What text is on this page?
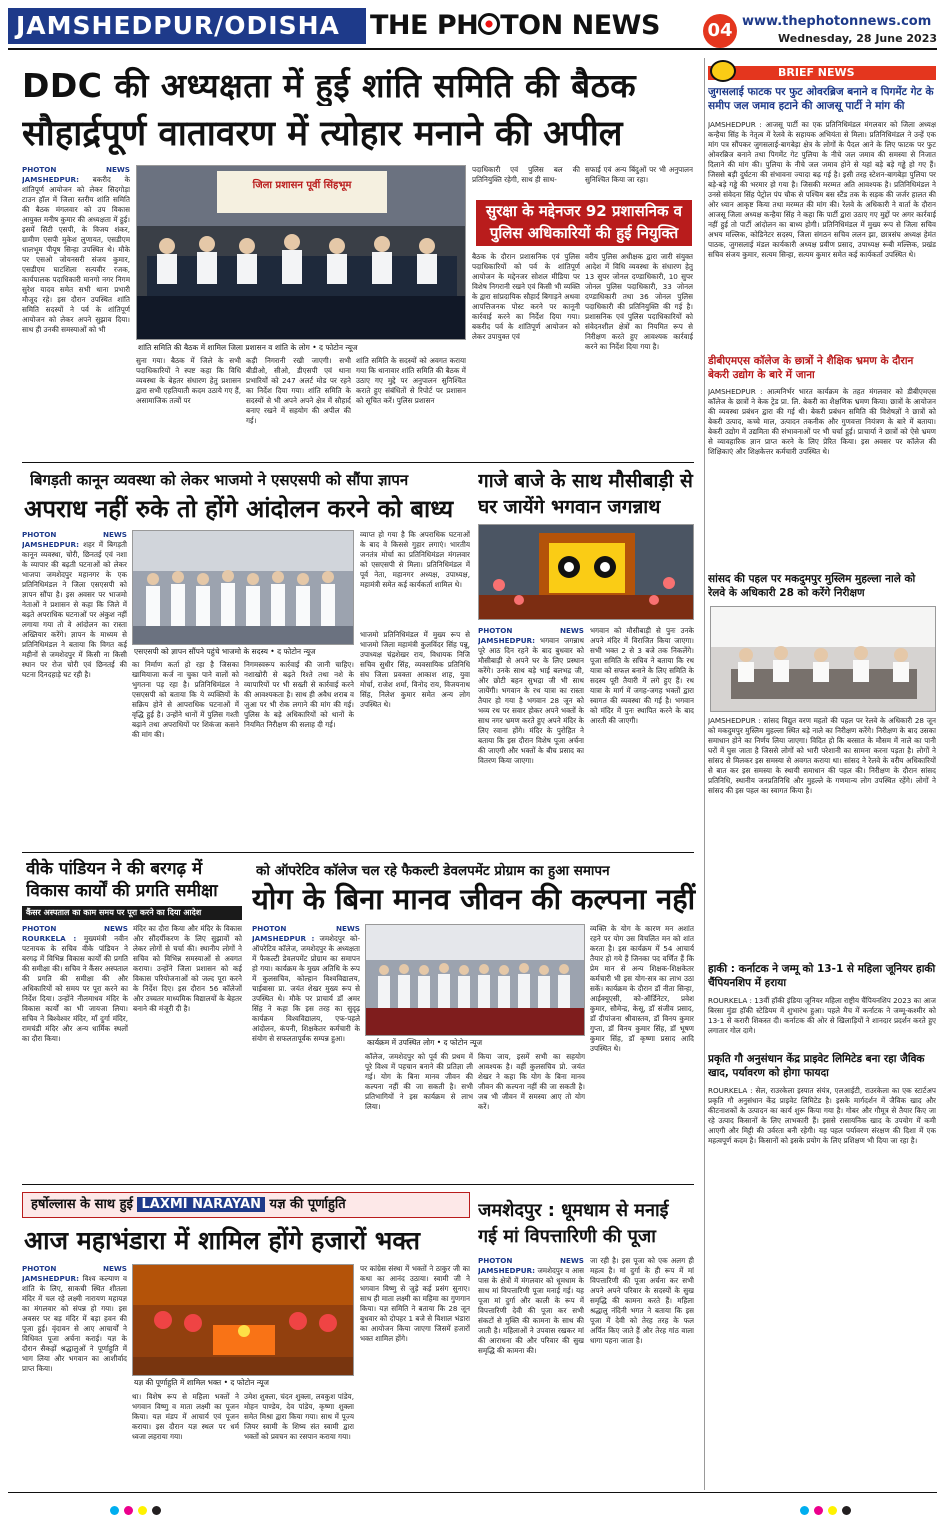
JAMSHEDPUR/ODISHA	THE PH TON NEWS	04 www.thephotonnews.com
Wednesday, 28 June 2023
DDC की अध्यक्षता में हुई शांति समिति की बैठक
सौहार्द्रपूर्ण वातावरण में त्योहार मनाने की अपील
PHOTON NEWS JAMSHEDPUR: बकरीद के शांतिपूर्ण आयोजन को लेकर सिदगोड़ा टाउन हॉल में जिला स्तरीय शांति समिति की बैठक मंगलवार को उप विकास आयुक्त मनीष कुमार की अध्यक्षता में हुई। इसमें सिटी एसपी, के विजय शंकर, ग्रामीण एसपी मुकेश लुणायत, एसडीएम धालभूम पीयूष सिन्हा उपस्थित थे। मौके पर एसओ जोयनसरी संजय कुमार, एसडीएम घाटशिला सत्यवीर रजक, कार्यपालक पदाधिकारी मानगो नगर निगम सुरेश यादव समेत सभी थाना प्रभारी मौजूद रहे। इस दौरान उपस्थित शांति समिति सदस्यों ने पर्व के शांतिपूर्ण आयोजन को लेकर अपने सुझाव दिया। साथ ही उनकी समस्याओं को भी
जिला प्रशासन पूर्वी सिंहभूम
शांति समिति की बैठक में शामिल जिला प्रशासन व शांति के लोग • द फोटोन न्यूज
सुना गया। बैठक में जिले के सभी पदाधिकारियों ने स्पष्ट कहा कि विधि व्यवस्था के बेहतर संधारण हेतु प्रशासन द्वारा सभी एहतियाती कदम उठाये गए हैं, असामाजिक तत्वों पर
कड़ी निगरानी रखी जाएगी। सभी बीडीओ, सीओ, डीएसपी एवं थाना प्रभारियों को 247 अलर्ट मोड पर रहने का निर्देश दिया गया। शांति समिति के सदस्यों से भी अपने अपने क्षेत्र में सौहार्द बनाए रखने में सहयोग की अपील की गई।
शांति समिति के सदस्यों को अवगत कराया गया कि थानावार शांति समिति की बैठक में उठाए गए मुद्दे पर अनुपालन सुनिश्चित कराते हुए संबंधितों से रिपोर्ट पर प्रशासन को सूचित करें। पुलिस प्रशासन
पदाधिकारी एवं पुलिस बल की प्रतिनियुक्ति रहेगी, साथ ही साथ-
सफाई एवं अन्य बिंदुओं पर भी अनुपालन सुनिश्चित किया जा रहा।
सुरक्षा के मद्देनजर 92 प्रशासनिक व पुलिस अधिकारियों की हुई नियुक्ति
बैठक के दौरान प्रशासनिक एवं पुलिस पदाधिकारियों को पर्व के शांतिपूर्ण आयोजन के मद्देनजर सोशल मीडिया पर विशेष निगरानी रखने एवं किसी भी व्यक्ति के द्वारा सांप्रदायिक सौहार्द बिगाड़ने अथवा आपत्तिजनक पोस्ट करने पर कानूनी कार्रवाई करने का निर्देश दिया गया। बकरीद पर्व के शांतिपूर्ण आयोजन को लेकर उपायुक्त एवं
वरीय पुलिस अधीक्षक द्वारा जारी संयुक्त आदेश में विधि व्यवस्था के संधारण हेतु 13 सुपर जोनल दण्डाधिकारी, 10 सुपर जोनल पुलिस पदाधिकारी, 33 जोनल दण्डाधिकारी तथा 36 जोनल पुलिस पदाधिकारी की प्रतिनियुक्ति की गई है। प्रशासनिक एवं पुलिस पदाधिकारियों को संवेदनशील क्षेत्रों का नियमित रूप से निरीक्षण करते हुए आवश्यक कार्रवाई करने का निर्देश दिया गया है।
बिगड़ती कानून व्यवस्था को लेकर भाजमो ने एसएसपी को सौंपा ज्ञापन
अपराध नहीं रुके तो होंगे आंदोलन करने को बाध्य
PHOTON NEWS JAMSHEDPUR: शहर में बिगड़ती कानून व्यवस्था, चोरी, छिनतई एवं नशा के व्यापार की बढ़ती घटनाओं को लेकर भाजपा जमशेदपुर महानगर के एक प्रतिनिधिमंडल ने जिला एसएसपी को ज्ञापन सौंपा है। इस अवसर पर भाजमो नेताओं ने प्रशासन से कहा कि जिले में बढ़ते अपराधिक घटनाओं पर अंकुश नहीं लगाया गया तो वे आंदोलन का रास्ता अख्तियार करेंगे। ज्ञापन के माध्यम से प्रतिनिधिमंडल ने बताया कि विगत कई महीनों से जमशेदपुर में किसी ना किसी स्थान पर रोज चोरी एवं छिनतई की घटना दिनदहाड़े घट रही है।
एसएसपी को ज्ञापन सौंपने पहुंचे भाजमो के सदस्य • द फोटोन न्यूज
का निर्माण कर्ता हो रहा है जिसका खामियाजा कर्ज ना चुका पाने वालों को भुगतना पड़ रहा है। प्रतिनिधिमंडल ने एसएसपी को बताया कि ये व्यक्तियों के सक्रिय होने से आपराधिक घटनाओं में वृद्धि हुई है। उन्होंने थानों में पुलिस गश्ती बढ़ाने तथा अपराधियों पर शिकंजा कसने की मांग की।
निगमस्वरूप कार्रवाई की जानी चाहिए। नशाखोरी से बढ़ते रिश्ते तथा नशे के व्यापारियों पर भी सख्ती से कार्रवाई करने की आवश्यकता है। साथ ही अवैध शराब व जुआ पर भी रोक लगाने की मांग की गई। पुलिस के बड़े अधिकारियों को थानों के नियमित निरीक्षण की सलाह दी गई।
व्याप्त हो गया है कि अपराधिक घटनाओं के बाद वे किससे गुहार लगाएं। भारतीय जनतंत्र मोर्चा का प्रतिनिधिमंडल मंगलवार को एसएसपी से मिला। प्रतिनिधिमंडल में पूर्व नेता, महानगर अध्यक्ष, उपाध्यक्ष, महामंत्री समेत कई कार्यकर्ता शामिल थे।
भाजमो प्रतिनिधिमंडल में मुख्य रूप से भाजमो जिला महामंत्री कुलविंदर सिंह पन्नू, उपाध्यक्ष चंद्रशेखर राय, विधायक निजि सचिव सुधीर सिंह, व्यवसायिक प्रतिनिधि संघ जिला प्रवक्ता आकाश शाह, युवा मोर्चा, राजेश शर्मा, विनोद राय, विजयनाथ सिंह, निलेश कुमार समेत अन्य लोग उपस्थित थे।
गाजे बाजे के साथ मौसीबाड़ी से
घर जायेंगे भगवान जगन्नाथ
PHOTON NEWS JAMSHEDPUR: भगवान जगन्नाथ पूरे आठ दिन रहने के बाद बुधवार को मौसीबाड़ी से अपने घर के लिए प्रस्थान करेंगे। उनके साथ बड़े भाई बलभद्र जी, और छोटी बहन सुभद्रा जी भी साथ जायेंगी। भगवान के रथ यात्रा का रास्ता तैयार हो गया है भगवान 28 जून को भव्य रथ पर सवार होकर अपने भक्तों के साथ नगर भ्रमण करते हुए अपने मंदिर के लिए रवाना होंगे। मंदिर के पुरोहित ने बताया कि इस दौरान विशेष पूजा अर्चना की जाएगी और भक्तों के बीच प्रसाद का वितरण किया जाएगा।
भगवान को मौसीबाड़ी से पुनः उनके अपने मंदिर में विराजित किया जाएगा। सभी भक्त 2 से 3 बजे तक निकलेंगे। पूजा समिति के सचिव ने बताया कि रथ यात्रा को सफल बनाने के लिए समिति के सदस्य पूरी तैयारी में लगे हुए हैं। रथ यात्रा के मार्ग में जगह-जगह भक्तों द्वारा स्वागत की व्यवस्था की गई है। भगवान को मंदिर में पुनः स्थापित करने के बाद आरती की जाएगी।
वीके पांडियन ने की बरगढ़ में
विकास कार्यों की प्रगति समीक्षा
कैंसर अस्पताल का काम समय पर पूरा करने का दिया आदेश
PHOTON NEWS ROURKELA : मुख्यमंत्री नवीन पटनायक के सचिव वीके पांडियन ने बरगढ़ में विभिन्न विकास कार्यों की प्रगति की समीक्षा की। सचिव ने कैंसर अस्पताल की प्रगति की समीक्षा की और अधिकारियों को समय पर पूरा करने का निर्देश दिया। उन्होंने नीलमाधव मंदिर के विकास कार्यों का भी जायजा लिया। सचिव ने बिश्वेश्वर मंदिर, माँ दुर्गा मंदिर, रामचंडी मंदिर और अन्य धार्मिक स्थलों का दौरा किया।
मंदिर का दौरा किया और मंदिर के विकास और सौंदर्यीकरण के लिए सुझावों को लेकर लोगों से चर्चा की। स्थानीय लोगों ने सचिव को विभिन्न समस्याओं से अवगत कराया। उन्होंने जिला प्रशासन को कई विकास परियोजनाओं को जल्द पूरा करने के निर्देश दिए। इस दौरान 56 कॉलेजों और उच्चतर माध्यमिक विद्यालयों के बेहतर बनाने की मंजूरी दी है।
को ऑपरेटिव कॉलेज चल रहे फैकल्टी डेवलपमेंट प्रोग्राम का हुआ समापन
योग के बिना मानव जीवन की कल्पना नहीं
PHOTON NEWS JAMSHEDPUR : जमशेदपुर को-ऑपरेटिव कॉलेज, जमशेदपुर के अध्यक्षता में फैकल्टी डेवलपमेंट प्रोग्राम का समापन हो गया। कार्यक्रम के मुख्य अतिथि के रूप में कुलसचिव, कोल्हान विश्वविद्यालय, चाईबासा प्रा. जयंत शेखर मुख्य रूप से उपस्थित थे। मौके पर प्राचार्य डॉ अमर सिंह ने कहा कि इस तरह का सुदृढ़ कार्यक्रम विश्वविद्यालय, एफ-पहले आंदोलन, कंपनी, शिक्षकेतर कर्मचारी के संयोग से सफलतापूर्वक सम्पन्न हुआ।	कार्यक्रम में उपस्थित लोग • द फोटोन न्यूज
कॉलेज, जमशेदपुर को पूर्व की प्रथम में पूरे विश्व में पहचान बनाने की प्रतिज्ञा ली गई। योग के बिना मानव जीवन की कल्पना नहीं की जा सकती है। सभी प्रतिभागियों ने इस कार्यक्रम से लाभ लिया।
किया जाय, इसमें सभी का सहयोग आवश्यक है। वहीं कुलसचिव प्रो. जयंत शेखर ने कहा कि योग के बिना मानव जीवन की कल्पना नहीं की जा सकती है। जब भी जीवन में समस्या आए तो योग करें।
व्यक्ति के योग के कारण मन अशांत रहने पर योग उस विचलित मन को शांत करता है। इस कार्यक्रम में 54 आचार्य तैयार हो गये हैं जिनका पद वर्णित हैं कि प्रेम मान से अन्य शिक्षक-शिक्षकेतर कर्मचारी भी इस योग-सत्र का लाभ उठा सकें। कार्यक्रम के दौरान डॉ नीता सिन्हा, आईक्यूएसी, को-ऑर्डिनेटर, प्रवेश कुमार, सौमेन्द्र, केसू, डॉ संजीव प्रसाद, डॉ दीपांजना श्रीवास्तव, डॉ विनय कुमार गुप्ता, डॉ विनय कुमार सिंह, डॉ भूषण कुमार सिंह, डॉ कृष्णा प्रसाद आदि उपस्थित थे।
हर्षोल्लास के साथ हुई LAXMI NARAYAN यज्ञ की पूर्णाहुति
आज महाभंडारा में शामिल होंगे हजारों भक्त
PHOTON NEWS JAMSHEDPUR: विश्व कल्याण व शांति के लिए, साकची स्थित शीतला मंदिर में चल रहे लक्ष्मी नारायण महायज्ञ का मंगलवार को संपन्न हो गया। इस अवसर पर बड़ मंदिर में बड़ा हवन की पूजा हुई। वृंदावन से आए आचार्यों ने विधिवत पूजा अर्चना कराई। यज्ञ के दौरान सैकड़ों श्रद्धालुओं ने पूर्णाहुति में भाग लिया और भगवान का आशीर्वाद प्राप्त किया।
यज्ञ की पूर्णाहुति में शामिल भक्त • द फोटोन न्यूज
था। विशेष रूप से महिला भक्तों ने भगवान विष्णु व माता लक्ष्मी का पूजन किया। यज्ञ मंडप में आचार्य एवं पूजन कराया। इस दौरान यज्ञ स्थल पर धर्म ध्वजा लहराया गया।
उमेश शुक्ला, चंदन शुक्ला, लवकुश पांडेय, मोहन पाण्डेय, देव पांडेय, कृष्णा शुक्ला समेत मिश्रा द्वारा किया गया। साथ में पूज्य जियर स्वामी के शिष्य संत स्वामी द्वारा भक्तों को प्रवचन का रसपान कराया गया।
पर कांग्रेस संस्था में भक्तों ने ठाकुर जी का कथा का आनंद उठाया। स्वामी जी ने भगवान विष्णु से जुड़े कई प्रसंग सुनाए। साथ ही माता लक्ष्मी का महिमा का गुणगान किया। यज्ञ समिति ने बताया कि 28 जून बुधवार को दोपहर 1 बजे से विशाल भंडारा का आयोजन किया जाएगा जिसमें हजारों भक्त शामिल होंगे।
जमशेदपुर : धूमधाम से मनाई
गई मां विपत्तारिणी की पूजा
PHOTON NEWS JAMSHEDPUR: जमशेदपुर व आस पास के क्षेत्रों में मंगलवार को धूमधाम के साथ मां विपत्तारिणी पूजा मनाई गई। यह पूजा मां दुर्गा और काली के रूप में विपत्तारिणी देवी की पूजा कर सभी संकटों से मुक्ति की कामना के साथ की जाती है। महिलाओं ने उपवास रखकर मां की आराधना की और परिवार की सुख समृद्धि की कामना की।
जा रही है। इस पूजा को एक अलग ही महत्व है। मां दुर्गा के ही रूप में मां विपत्तारिणी की पूजा अर्चना कर सभी अपने अपने परिवार के सदस्यों के सुख समृद्धि की कामना करते हैं। महिला श्रद्धालु नंदिनी भगत ने बताया कि इस पूजा में देवी को तेरह तरह के फल अर्पित किए जाते हैं और तेरह गांठ वाला धागा पहना जाता है।
BRIEF NEWS
जुगसलाई फाटक पर फुट ओवरब्रिज बनाने व पिगमेंट गेट के समीप जल जमाव हटाने की आजसू पार्टी ने मांग की
JAMSHEDPUR : आजसू पार्टी का एक प्रतिनिधिमंडल मंगलवार को जिला अध्यक्ष कन्हैया सिंह के नेतृत्व में रेलवे के सहायक अभियंता से मिला। प्रतिनिधिमंडल ने उन्हें एक मांग पत्र सौंपकर जुगसलाई-बागबेड़ा क्षेत्र के लोगों के पैदल आने के लिए फाटक पर फुट ओवरब्रिज बनाने तथा पिगमेंट गेट पुलिया के नीचे जल जमाव की समस्या से निजात दिलाने की मांग की। पुलिया के नीचे जल जमाव होने से यहां बड़े बड़े गड्ढे हो गए हैं। जिससे बड़ी दुर्घटना की संभावना ज्यादा बढ़ गई है। इसी तरह स्टेशन-बागबेड़ा पुलिया पर बड़े-बड़े गड्ढे की भरमार हो गया है। जिसकी मरम्मत अति आवश्यक है। प्रतिनिधिमंडल ने उनसे संवेदना सिंह पेट्रोल पंप चौक से पश्चिम बस स्टैंड तक के सड़क की जर्जर हालत की ओर ध्यान आकृष्ट किया तथा मरम्मत की मांग की। रेलवे के अधिकारी ने वार्ता के दौरान आजसू जिला अध्यक्ष कन्हैया सिंह ने कहा कि पार्टी द्वारा उठाए गए मुद्दों पर अगर कार्रवाई नहीं हुई तो पार्टी आंदोलन का बाध्य होगी। प्रतिनिधिमंडल में मुख्य रूप से जिला सचिव अभय मल्लिक, कोडिनेटर सदस्य, जिला संगठन सचिव ललन झा, छात्रसंघ अध्यक्ष हेमंत पाठक, जुगसलाई मंडल कार्यकारी अध्यक्ष प्रवीण प्रसाद, उपाध्यक्ष रूबी मल्लिक, प्रखंड सचिव संजय कुमार, सत्यम सिन्हा, सत्यम कुमार समेत कई कार्यकर्ता उपस्थित थे।
डीबीएमएस कॉलेज के छात्रों ने शैक्षिक भ्रमण के दौरान बेकरी उद्योग के बारे में जाना
JAMSHEDPUR : आत्मनिर्भर भारत कार्यक्रम के तहत मंगलवार को डीबीएमएस कॉलेज के छात्रों ने केक ट्रेड प्रा. लि. बेकरी का शैक्षणिक भ्रमण किया। छात्रों के आयोजन की व्यवस्था प्रबंधन द्वारा की गई थी। बेकरी प्रबंधन समिति की विशेषज्ञों ने छात्रों को बेकरी उत्पाद, कच्चे माल, उत्पादन तकनीक और गुणवत्ता नियंत्रण के बारे में बताया। बेकरी उद्योग में उद्यमिता की संभावनाओं पर भी चर्चा हुई। प्राचार्या ने छात्रों को ऐसे भ्रमण से व्यावहारिक ज्ञान प्राप्त करने के लिए प्रेरित किया। इस अवसर पर कॉलेज की शिक्षिकाएं और शिक्षकेत्तर कर्मचारी उपस्थित थे।
सांसद की पहल पर मकदुमपुर मुस्लिम मुहल्ला नाले को रेलवे के अधिकारी 28 को करेंगे निरीक्षण
JAMSHEDPUR : सांसद विद्युत वरण महतो की पहल पर रेलवे के अधिकारी 28 जून को मकदुमपुर मुस्लिम मुहल्ला स्थित बड़े नाले का निरीक्षण करेंगे। निरीक्षण के बाद उसका समाधान होने का निर्णय लिया जाएगा। विदित हो कि बरसात के मौसम में नाले का पानी घरों में घुस जाता है जिससे लोगों को भारी परेशानी का सामना करना पड़ता है। लोगों ने सांसद से मिलकर इस समस्या से अवगत कराया था। सांसद ने रेलवे के वरीय अधिकारियों से बात कर इस समस्या के स्थायी समाधान की पहल की। निरीक्षण के दौरान सांसद प्रतिनिधि, स्थानीय जनप्रतिनिधि और मुहल्ले के गणमान्य लोग उपस्थित रहेंगे। लोगों ने सांसद की इस पहल का स्वागत किया है।
हाकी : कर्नाटक ने जम्मू को 13-1 से महिला जूनियर हाकी चैंपियनशिप में हराया
ROURKELA : 13वीं हॉकी इंडिया जूनियर महिला राष्ट्रीय चैंपियनशिप 2023 का आज बिरसा मुंडा हॉकी स्टेडियम में शुभारंभ हुआ। पहले मैच में कर्नाटक ने जम्मू-कश्मीर को 13-1 से करारी शिकस्त दी। कर्नाटक की ओर से खिलाड़ियों ने शानदार प्रदर्शन करते हुए लगातार गोल दागे।
प्रकृति गौ अनुसंधान केंद्र प्राइवेट लिमिटेड बना रहा जैविक खाद, पर्यावरण को होगा फायदा
ROURKELA : सेल, राउरकेला इस्पात संयंत्र, एलआईटी, राउरकेला का एक स्टार्टअप प्रकृति गौ अनुसंधान केंद्र प्राइवेट लिमिटेड है। इसके मार्गदर्शन में जैविक खाद और कीटनाशकों के उत्पादन का कार्य शुरू किया गया है। गोबर और गौमूत्र से तैयार किए जा रहे उत्पाद किसानों के लिए लाभकारी हैं। इससे रासायनिक खाद के उपयोग में कमी आएगी और मिट्टी की उर्वरता बनी रहेगी। यह पहल पर्यावरण संरक्षण की दिशा में एक महत्वपूर्ण कदम है। किसानों को इसके प्रयोग के लिए प्रशिक्षण भी दिया जा रहा है।
